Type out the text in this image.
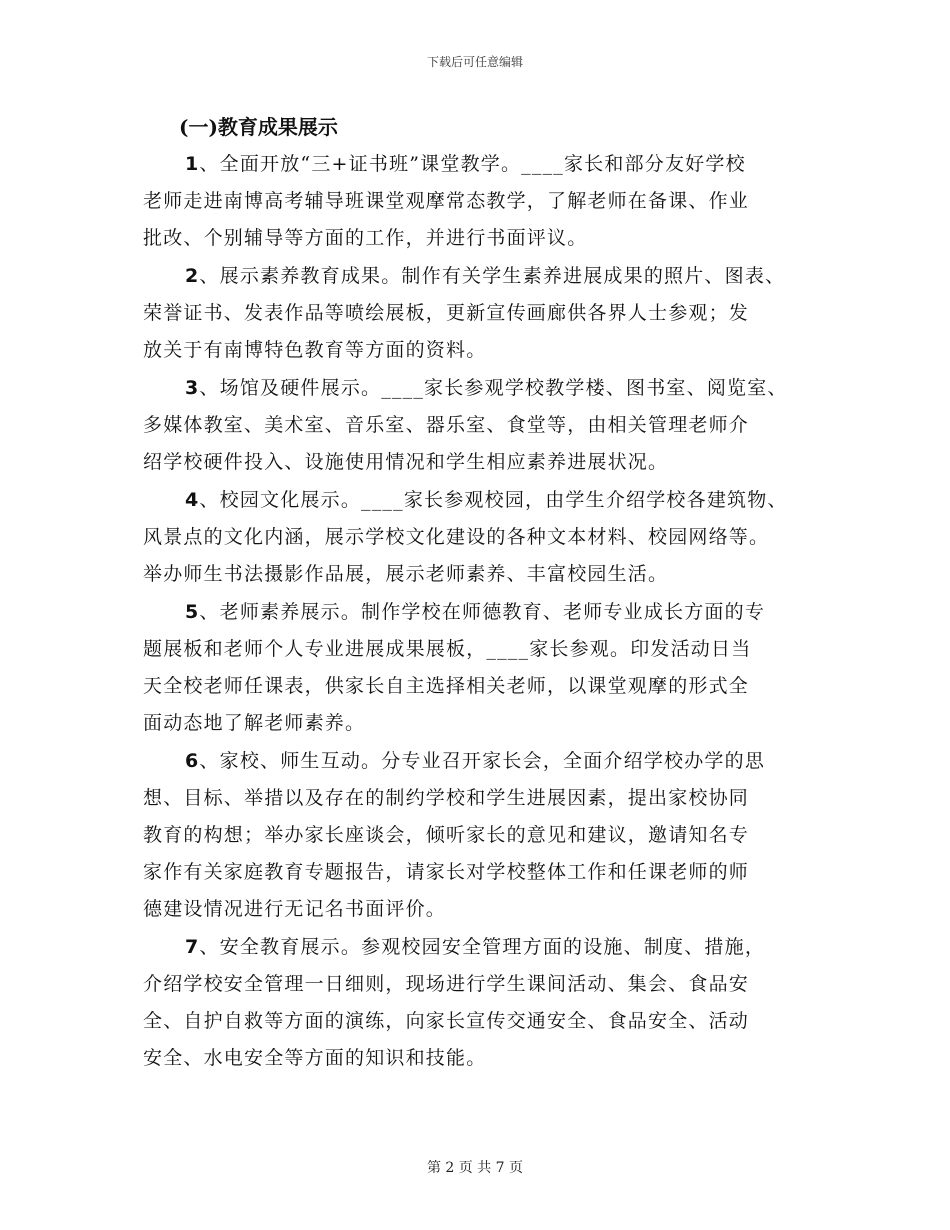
下载后可任意编辑
(一)教育成果展示
1、全面开放“三+证书班”课堂教学。____家长和部分友好学校
老师走进南博高考辅导班课堂观摩常态教学，了解老师在备课、作业
批改、个别辅导等方面的工作，并进行书面评议。
2、展示素养教育成果。制作有关学生素养进展成果的照片、图表、
荣誉证书、发表作品等喷绘展板，更新宣传画廊供各界人士参观；发
放关于有南博特色教育等方面的资料。
3、场馆及硬件展示。____家长参观学校教学楼、图书室、阅览室、
多媒体教室、美术室、音乐室、器乐室、食堂等，由相关管理老师介
绍学校硬件投入、设施使用情况和学生相应素养进展状况。
4、校园文化展示。____家长参观校园，由学生介绍学校各建筑物、
风景点的文化内涵，展示学校文化建设的各种文本材料、校园网络等。
举办师生书法摄影作品展，展示老师素养、丰富校园生活。
5、老师素养展示。制作学校在师德教育、老师专业成长方面的专
题展板和老师个人专业进展成果展板，____家长参观。印发活动日当
天全校老师任课表，供家长自主选择相关老师，以课堂观摩的形式全
面动态地了解老师素养。
6、家校、师生互动。分专业召开家长会，全面介绍学校办学的思
想、目标、举措以及存在的制约学校和学生进展因素，提出家校协同
教育的构想；举办家长座谈会，倾听家长的意见和建议，邀请知名专
家作有关家庭教育专题报告，请家长对学校整体工作和任课老师的师
德建设情况进行无记名书面评价。
7、安全教育展示。参观校园安全管理方面的设施、制度、措施，
介绍学校安全管理一日细则，现场进行学生课间活动、集会、食品安
全、自护自救等方面的演练，向家长宣传交通安全、食品安全、活动
安全、水电安全等方面的知识和技能。
第 2 页 共 7 页
